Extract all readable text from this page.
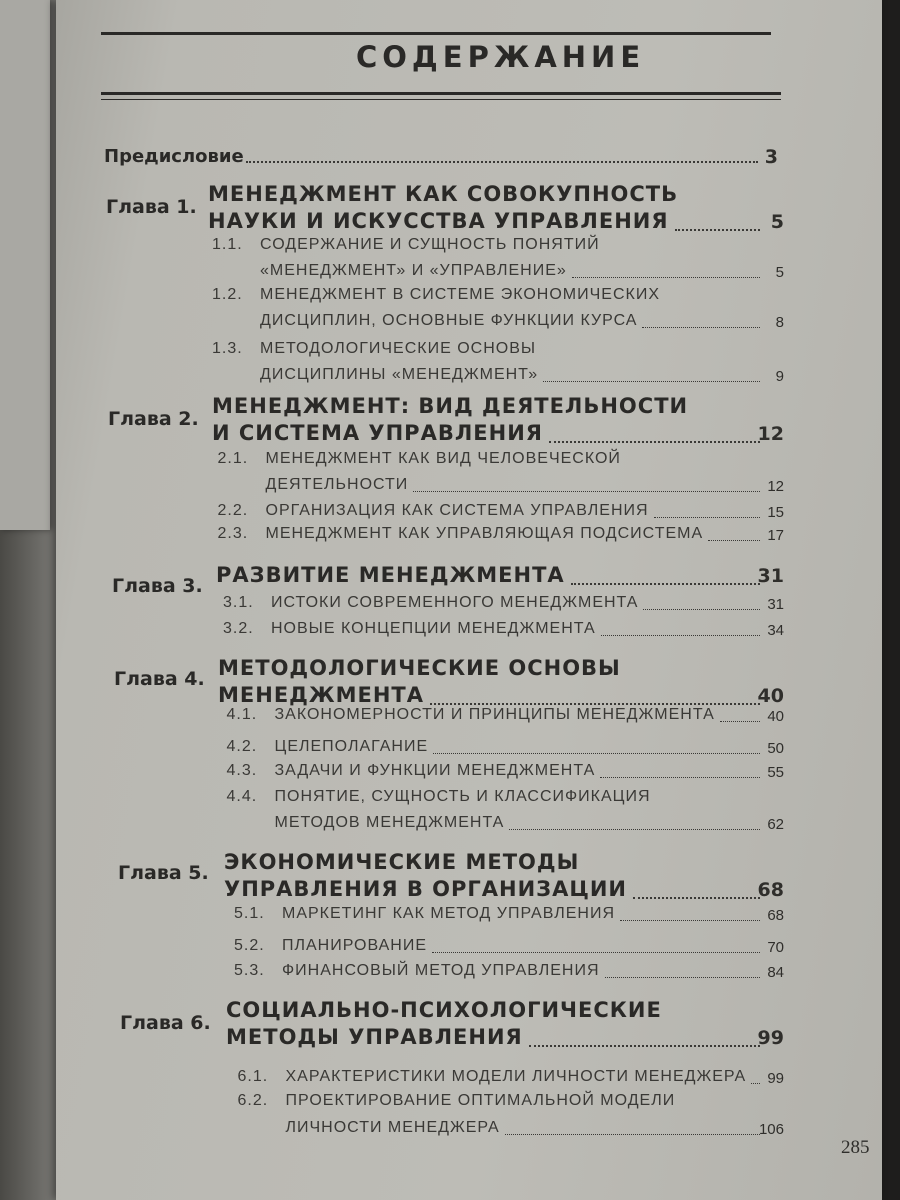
СОДЕРЖАНИЕ
Предисловие	3
Глава 1.
МЕНЕДЖМЕНТ КАК СОВОКУПНОСТЬ
НАУКИ И ИСКУССТВА УПРАВЛЕНИЯ	5
1.1. СОДЕРЖАНИЕ И СУЩНОСТЬ ПОНЯТИЙ
«МЕНЕДЖМЕНТ» И «УПРАВЛЕНИЕ»	5
1.2. МЕНЕДЖМЕНТ В СИСТЕМЕ ЭКОНОМИЧЕСКИХ
ДИСЦИПЛИН, ОСНОВНЫЕ ФУНКЦИИ КУРСА	8
1.3. МЕТОДОЛОГИЧЕСКИЕ ОСНОВЫ
ДИСЦИПЛИНЫ «МЕНЕДЖМЕНТ»	9
Глава 2.
МЕНЕДЖМЕНТ: ВИД ДЕЯТЕЛЬНОСТИ
И СИСТЕМА УПРАВЛЕНИЯ	12
2.1. МЕНЕДЖМЕНТ КАК ВИД ЧЕЛОВЕЧЕСКОЙ
ДЕЯТЕЛЬНОСТИ	12
2.2. ОРГАНИЗАЦИЯ КАК СИСТЕМА УПРАВЛЕНИЯ	15
2.3. МЕНЕДЖМЕНТ КАК УПРАВЛЯЮЩАЯ ПОДСИСТЕМА	17
Глава 3. РАЗВИТИЕ МЕНЕДЖМЕНТА	31
3.1. ИСТОКИ СОВРЕМЕННОГО МЕНЕДЖМЕНТА	31
3.2. НОВЫЕ КОНЦЕПЦИИ МЕНЕДЖМЕНТА	34
Глава 4. МЕТОДОЛОГИЧЕСКИЕ ОСНОВЫ
МЕНЕДЖМЕНТА	40
4.1. ЗАКОНОМЕРНОСТИ И ПРИНЦИПЫ МЕНЕДЖМЕНТА	40
4.2. ЦЕЛЕПОЛАГАНИЕ	50
4.3. ЗАДАЧИ И ФУНКЦИИ МЕНЕДЖМЕНТА	55
4.4. ПОНЯТИЕ, СУЩНОСТЬ И КЛАССИФИКАЦИЯ
МЕТОДОВ МЕНЕДЖМЕНТА	62
Глава 5. ЭКОНОМИЧЕСКИЕ МЕТОДЫ
УПРАВЛЕНИЯ В ОРГАНИЗАЦИИ	68
5.1. МАРКЕТИНГ КАК МЕТОД УПРАВЛЕНИЯ	68
5.2. ПЛАНИРОВАНИЕ	70
5.3. ФИНАНСОВЫЙ МЕТОД УПРАВЛЕНИЯ	84
Глава 6.
СОЦИАЛЬНО-ПСИХОЛОГИЧЕСКИЕ
МЕТОДЫ УПРАВЛЕНИЯ	99
6.1. ХАРАКТЕРИСТИКИ МОДЕЛИ ЛИЧНОСТИ МЕНЕДЖЕРА	99
6.2. ПРОЕКТИРОВАНИЕ ОПТИМАЛЬНОЙ МОДЕЛИ
ЛИЧНОСТИ МЕНЕДЖЕРА	106
285
